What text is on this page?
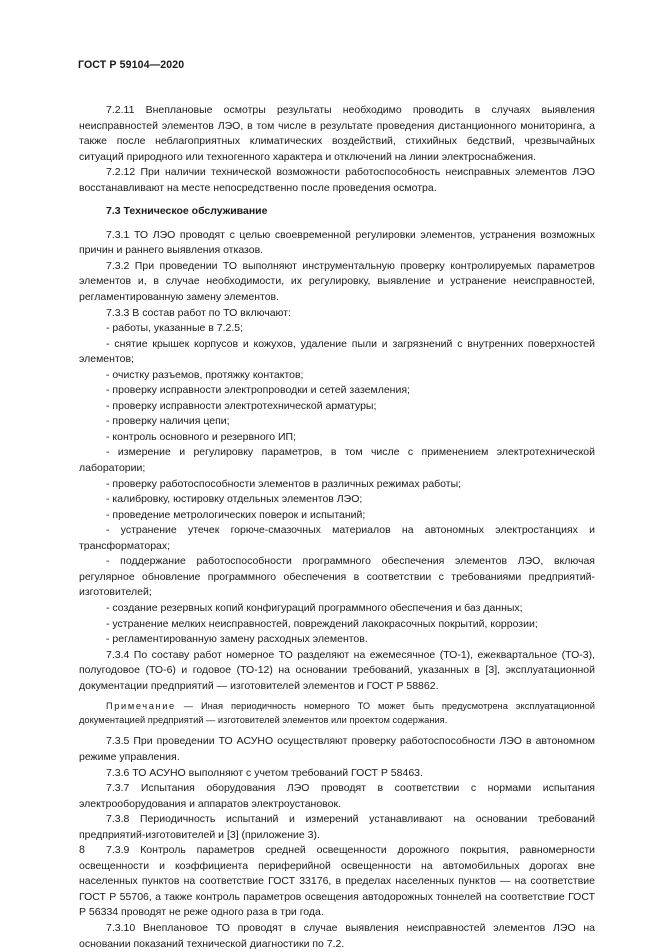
ГОСТ Р 59104—2020

7.2.11 Внеплановые осмотры результаты необходимо проводить в случаях выявления неисправностей элементов ЛЭО, в том числе в результате проведения дистанционного мониторинга, а также после неблагоприятных климатических воздействий, стихийных бедствий, чрезвычайных ситуаций природного или техногенного характера и отключений на линии электроснабжения.

7.2.12 При наличии технической возможности работоспособность неисправных элементов ЛЭО восстанавливают на месте непосредственно после проведения осмотра.

7.3 Техническое обслуживание

7.3.1 ТО ЛЭО проводят с целью своевременной регулировки элементов, устранения возможных причин и раннего выявления отказов.

7.3.2 При проведении ТО выполняют инструментальную проверку контролируемых параметров элементов и, в случае необходимости, их регулировку, выявление и устранение неисправностей, регламентированную замену элементов.

7.3.3 В состав работ по ТО включают:

- работы, указанные в 7.2.5;

- снятие крышек корпусов и кожухов, удаление пыли и загрязнений с внутренних поверхностей элементов;

- очистку разъемов, протяжку контактов;

- проверку исправности электропроводки и сетей заземления;

- проверку исправности электротехнической арматуры;

- проверку наличия цепи;

- контроль основного и резервного ИП;

- измерение и регулировку параметров, в том числе с применением электротехнической лаборатории;

- проверку работоспособности элементов в различных режимах работы;

- калибровку, юстировку отдельных элементов ЛЭО;

- проведение метрологических поверок и испытаний;

- устранение утечек горюче-смазочных материалов на автономных электростанциях и трансформаторах;

- поддержание работоспособности программного обеспечения элементов ЛЭО, включая регулярное обновление программного обеспечения в соответствии с требованиями предприятий-изготовителей;

- создание резервных копий конфигураций программного обеспечения и баз данных;

- устранение мелких неисправностей, повреждений лакокрасочных покрытий, коррозии;

- регламентированную замену расходных элементов.

7.3.4 По составу работ номерное ТО разделяют на ежемесячное (ТО-1), ежеквартальное (ТО-3), полугодовое (ТО-6) и годовое (ТО-12) на основании требований, указанных в [3], эксплуатационной документации предприятий — изготовителей элементов и ГОСТ Р 58862.

Примечание — Иная периодичность номерного ТО может быть предусмотрена эксплуатационной документацией предприятий — изготовителей элементов или проектом содержания.

7.3.5 При проведении ТО АСУНО осуществляют проверку работоспособности ЛЭО в автономном режиме управления.

7.3.6 ТО АСУНО выполняют с учетом требований ГОСТ Р 58463.

7.3.7 Испытания оборудования ЛЭО проводят в соответствии с нормами испытания электрооборудования и аппаратов электроустановок.

7.3.8 Периодичность испытаний и измерений устанавливают на основании требований предприятий-изготовителей и [3] (приложение 3).

7.3.9 Контроль параметров средней освещенности дорожного покрытия, равномерности освещенности и коэффициента периферийной освещенности на автомобильных дорогах вне населенных пунктов на соответствие ГОСТ 33176, в пределах населенных пунктов — на соответствие ГОСТ Р 55706, а также контроль параметров освещения автодорожных тоннелей на соответствие ГОСТ Р 56334 проводят не реже одного раза в три года.

7.3.10 Внеплановое ТО проводят в случае выявления неисправностей элементов ЛЭО на основании показаний технической диагностики по 7.2.

8
